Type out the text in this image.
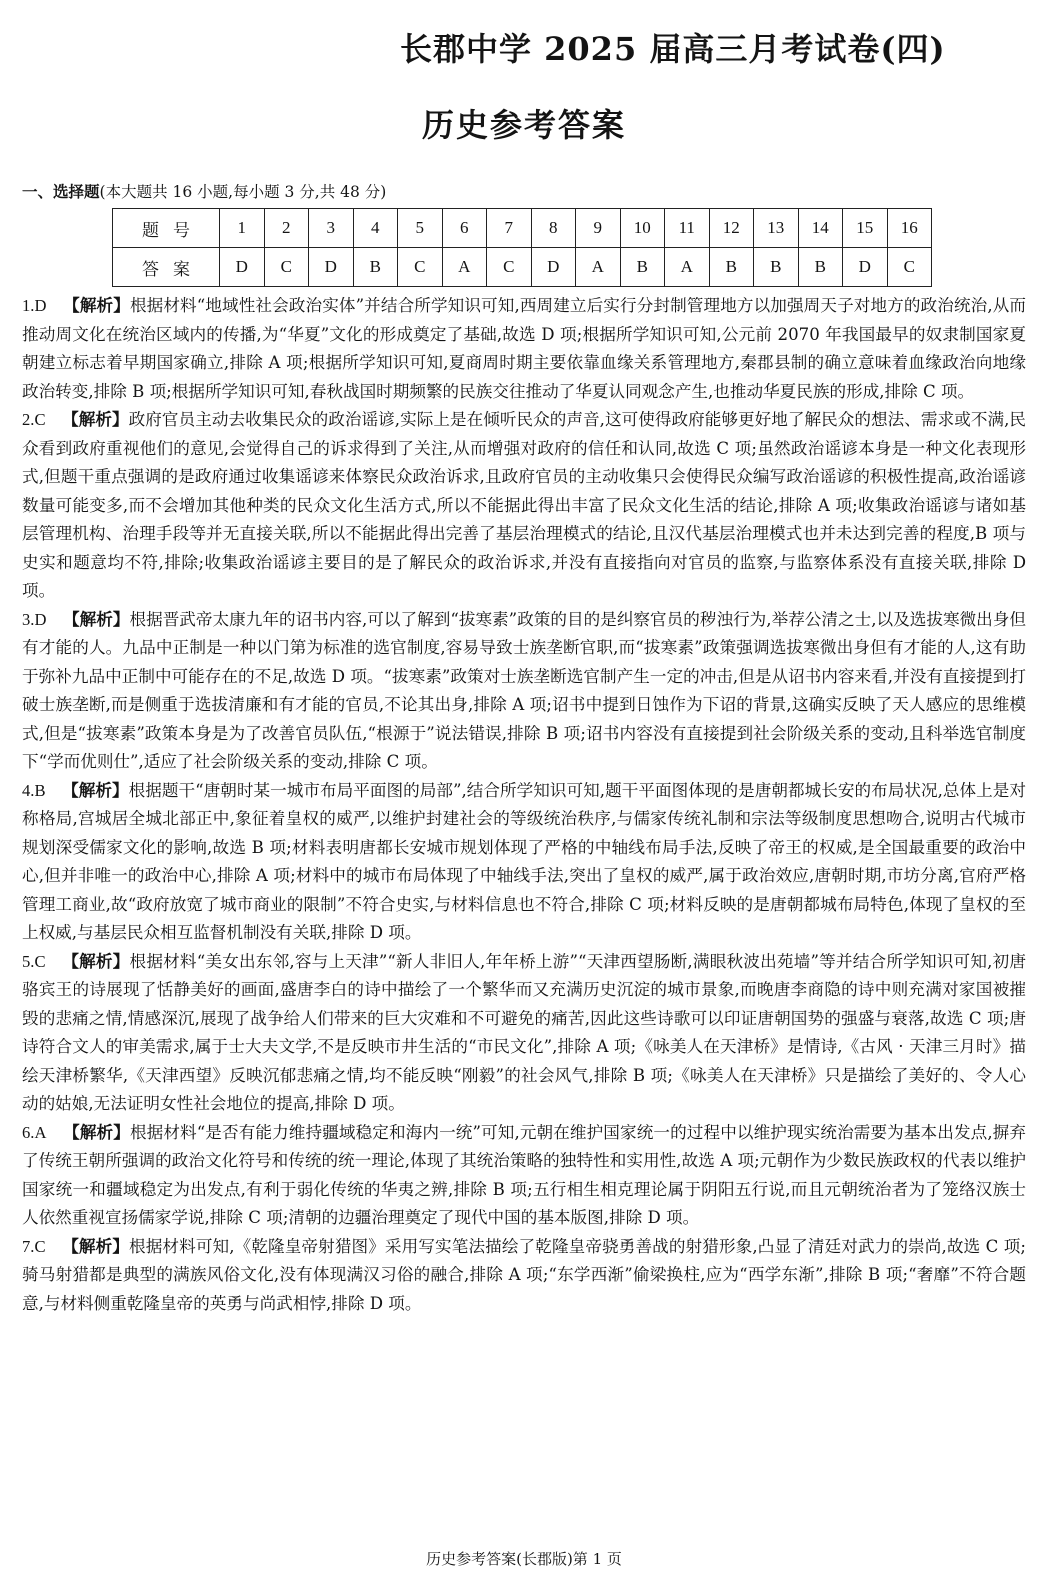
长郡中学 2025 届高三月考试卷(四)
历史参考答案
一、选择题(本大题共 16 小题,每小题 3 分,共 48 分)
题号	1	2	3	4	5	6	7	8	9	10	11	12	13	14	15	16
答案	D	C	D	B	C	A	C	D	A	B	A	B	B	B	D	C

1.D  【解析】根据材料“地域性社会政治实体”并结合所学知识可知,西周建立后实行分封制管理地方以加强周天子对地方的政治统治,从而推动周文化在统治区域内的传播,为“华夏”文化的形成奠定了基础,故选 D 项;根据所学知识可知,公元前 2070 年我国最早的奴隶制国家夏朝建立标志着早期国家确立,排除 A 项;根据所学知识可知,夏商周时期主要依靠血缘关系管理地方,秦郡县制的确立意味着血缘政治向地缘政治转变,排除 B 项;根据所学知识可知,春秋战国时期频繁的民族交往推动了华夏认同观念产生,也推动华夏民族的形成,排除 C 项。

2.C  【解析】政府官员主动去收集民众的政治谣谚,实际上是在倾听民众的声音,这可使得政府能够更好地了解民众的想法、需求或不满,民众看到政府重视他们的意见,会觉得自己的诉求得到了关注,从而增强对政府的信任和认同,故选 C 项;虽然政治谣谚本身是一种文化表现形式,但题干重点强调的是政府通过收集谣谚来体察民众政治诉求,且政府官员的主动收集只会使得民众编写政治谣谚的积极性提高,政治谣谚数量可能变多,而不会增加其他种类的民众文化生活方式,所以不能据此得出丰富了民众文化生活的结论,排除 A 项;收集政治谣谚与诸如基层管理机构、治理手段等并无直接关联,所以不能据此得出完善了基层治理模式的结论,且汉代基层治理模式也并未达到完善的程度,B 项与史实和题意均不符,排除;收集政治谣谚主要目的是了解民众的政治诉求,并没有直接指向对官员的监察,与监察体系没有直接关联,排除 D 项。

3.D  【解析】根据晋武帝太康九年的诏书内容,可以了解到“拔寒素”政策的目的是纠察官员的秽浊行为,举荐公清之士,以及选拔寒微出身但有才能的人。九品中正制是一种以门第为标准的选官制度,容易导致士族垄断官职,而“拔寒素”政策强调选拔寒微出身但有才能的人,这有助于弥补九品中正制中可能存在的不足,故选 D 项。“拔寒素”政策对士族垄断选官制产生一定的冲击,但是从诏书内容来看,并没有直接提到打破士族垄断,而是侧重于选拔清廉和有才能的官员,不论其出身,排除 A 项;诏书中提到日蚀作为下诏的背景,这确实反映了天人感应的思维模式,但是“拔寒素”政策本身是为了改善官员队伍,“根源于”说法错误,排除 B 项;诏书内容没有直接提到社会阶级关系的变动,且科举选官制度下“学而优则仕”,适应了社会阶级关系的变动,排除 C 项。

4.B  【解析】根据题干“唐朝时某一城市布局平面图的局部”,结合所学知识可知,题干平面图体现的是唐朝都城长安的布局状况,总体上是对称格局,宫城居全城北部正中,象征着皇权的威严,以维护封建社会的等级统治秩序,与儒家传统礼制和宗法等级制度思想吻合,说明古代城市规划深受儒家文化的影响,故选 B 项;材料表明唐都长安城市规划体现了严格的中轴线布局手法,反映了帝王的权威,是全国最重要的政治中心,但并非唯一的政治中心,排除 A 项;材料中的城市布局体现了中轴线手法,突出了皇权的威严,属于政治效应,唐朝时期,市坊分离,官府严格管理工商业,故“政府放宽了城市商业的限制”不符合史实,与材料信息也不符合,排除 C 项;材料反映的是唐朝都城布局特色,体现了皇权的至上权威,与基层民众相互监督机制没有关联,排除 D 项。

5.C  【解析】根据材料“美女出东邻,容与上天津”“新人非旧人,年年桥上游”“天津西望肠断,满眼秋波出苑墙”等并结合所学知识可知,初唐骆宾王的诗展现了恬静美好的画面,盛唐李白的诗中描绘了一个繁华而又充满历史沉淀的城市景象,而晚唐李商隐的诗中则充满对家国被摧毁的悲痛之情,情感深沉,展现了战争给人们带来的巨大灾难和不可避免的痛苦,因此这些诗歌可以印证唐朝国势的强盛与衰落,故选 C 项;唐诗符合文人的审美需求,属于士大夫文学,不是反映市井生活的“市民文化”,排除 A 项;《咏美人在天津桥》是情诗,《古风 · 天津三月时》描绘天津桥繁华,《天津西望》反映沉郁悲痛之情,均不能反映“刚毅”的社会风气,排除 B 项;《咏美人在天津桥》只是描绘了美好的、令人心动的姑娘,无法证明女性社会地位的提高,排除 D 项。

6.A  【解析】根据材料“是否有能力维持疆域稳定和海内一统”可知,元朝在维护国家统一的过程中以维护现实统治需要为基本出发点,摒弃了传统王朝所强调的政治文化符号和传统的统一理论,体现了其统治策略的独特性和实用性,故选 A 项;元朝作为少数民族政权的代表以维护国家统一和疆域稳定为出发点,有利于弱化传统的华夷之辨,排除 B 项;五行相生相克理论属于阴阳五行说,而且元朝统治者为了笼络汉族士人依然重视宣扬儒家学说,排除 C 项;清朝的边疆治理奠定了现代中国的基本版图,排除 D 项。

7.C  【解析】根据材料可知,《乾隆皇帝射猎图》采用写实笔法描绘了乾隆皇帝骁勇善战的射猎形象,凸显了清廷对武力的崇尚,故选 C 项;骑马射猎都是典型的满族风俗文化,没有体现满汉习俗的融合,排除 A 项;“东学西渐”偷梁换柱,应为“西学东渐”,排除 B 项;“奢靡”不符合题意,与材料侧重乾隆皇帝的英勇与尚武相悖,排除 D 项。

历史参考答案(长郡版)第 1 页
